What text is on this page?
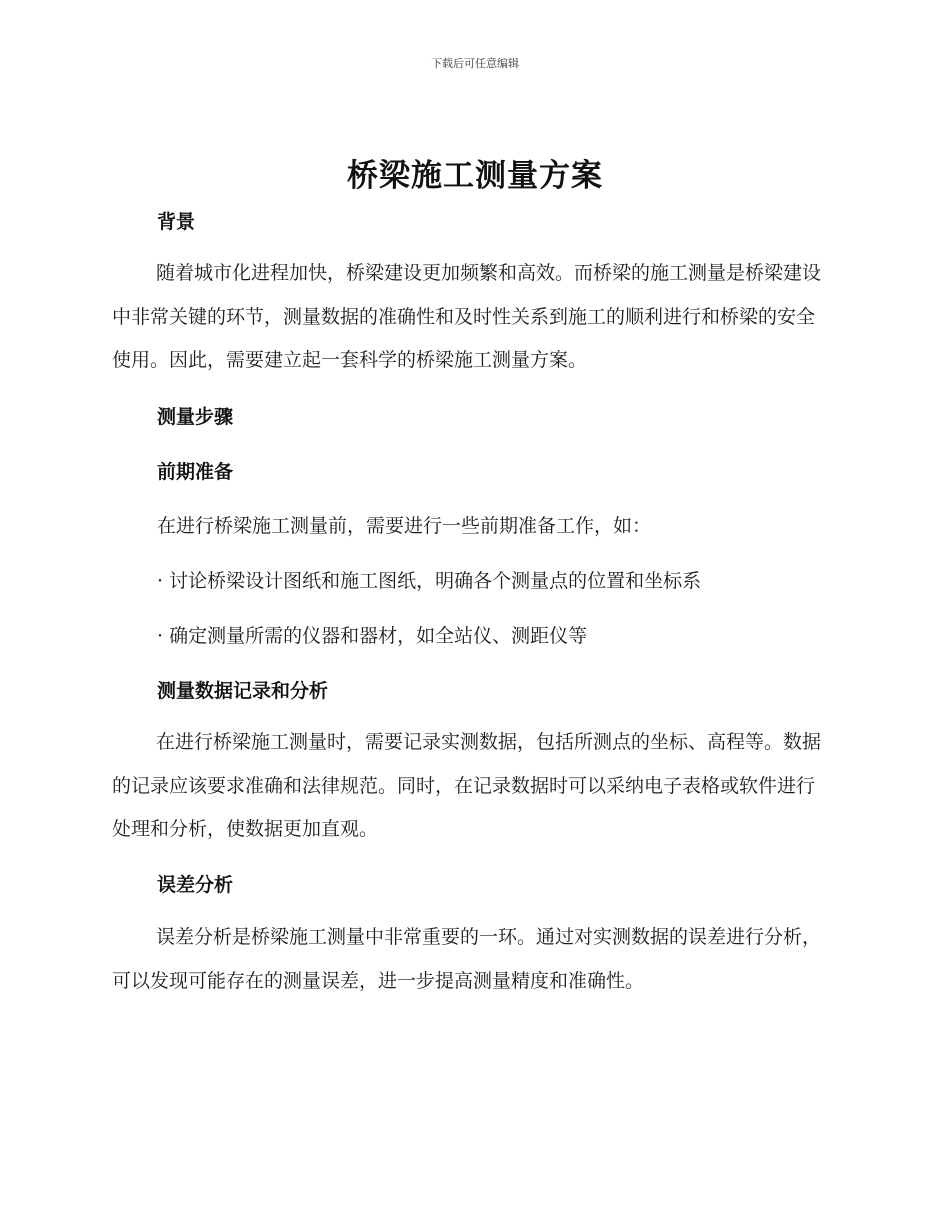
下载后可任意编辑
桥梁施工测量方案
背景

随着城市化进程加快，桥梁建设更加频繁和高效。而桥梁的施工测量是桥梁建设中非常关键的环节，测量数据的准确性和及时性关系到施工的顺利进行和桥梁的安全使用。因此，需要建立起一套科学的桥梁施工测量方案。

测量步骤
前期准备
在进行桥梁施工测量前，需要进行一些前期准备工作，如：
· 讨论桥梁设计图纸和施工图纸，明确各个测量点的位置和坐标系
· 确定测量所需的仪器和器材，如全站仪、测距仪等
测量数据记录和分析

在进行桥梁施工测量时，需要记录实测数据，包括所测点的坐标、高程等。数据的记录应该要求准确和法律规范。同时，在记录数据时可以采纳电子表格或软件进行处理和分析，使数据更加直观。

误差分析

误差分析是桥梁施工测量中非常重要的一环。通过对实测数据的误差进行分析，可以发现可能存在的测量误差，进一步提高测量精度和准确性。
